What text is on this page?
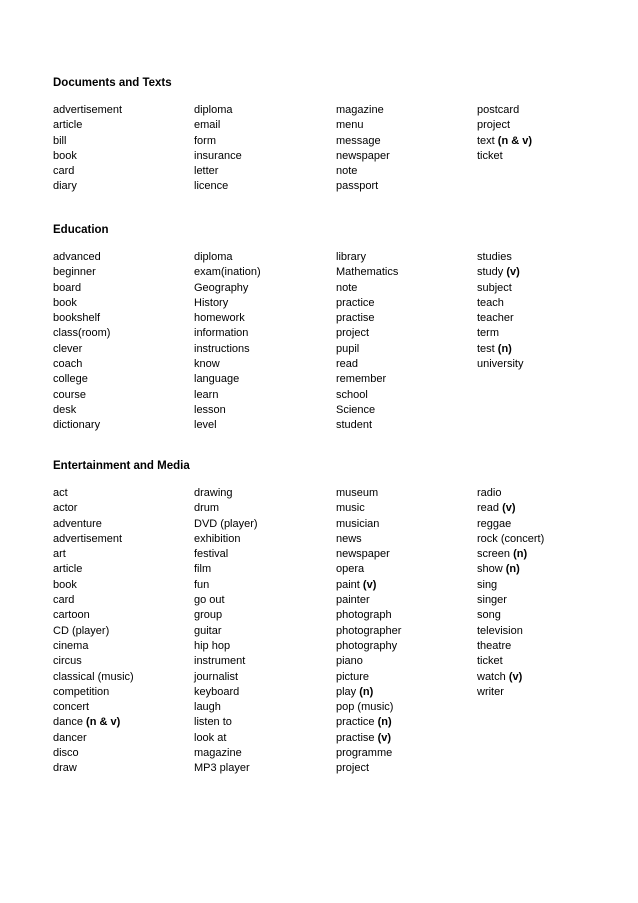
Documents and Texts
advertisement
article
bill
book
card
diary
diploma
email
form
insurance
letter
licence
magazine
menu
message
newspaper
note
passport
postcard
project
text (n & v)
ticket
Education
advanced
beginner
board
book
bookshelf
class(room)
clever
coach
college
course
desk
dictionary
diploma
exam(ination)
Geography
History
homework
information
instructions
know
language
learn
lesson
level
library
Mathematics
note
practice
practise
project
pupil
read
remember
school
Science
student
studies
study (v)
subject
teach
teacher
term
test (n)
university
Entertainment and Media
act
actor
adventure
advertisement
art
article
book
card
cartoon
CD (player)
cinema
circus
classical (music)
competition
concert
dance (n & v)
dancer
disco
draw
drawing
drum
DVD (player)
exhibition
festival
film
fun
go out
group
guitar
hip hop
instrument
journalist
keyboard
laugh
listen to
look at
magazine
MP3 player
museum
music
musician
news
newspaper
opera
paint (v)
painter
photograph
photographer
photography
piano
picture
play (n)
pop (music)
practice (n)
practise (v)
programme
project
radio
read (v)
reggae
rock (concert)
screen (n)
show (n)
sing
singer
song
television
theatre
ticket
watch (v)
writer
